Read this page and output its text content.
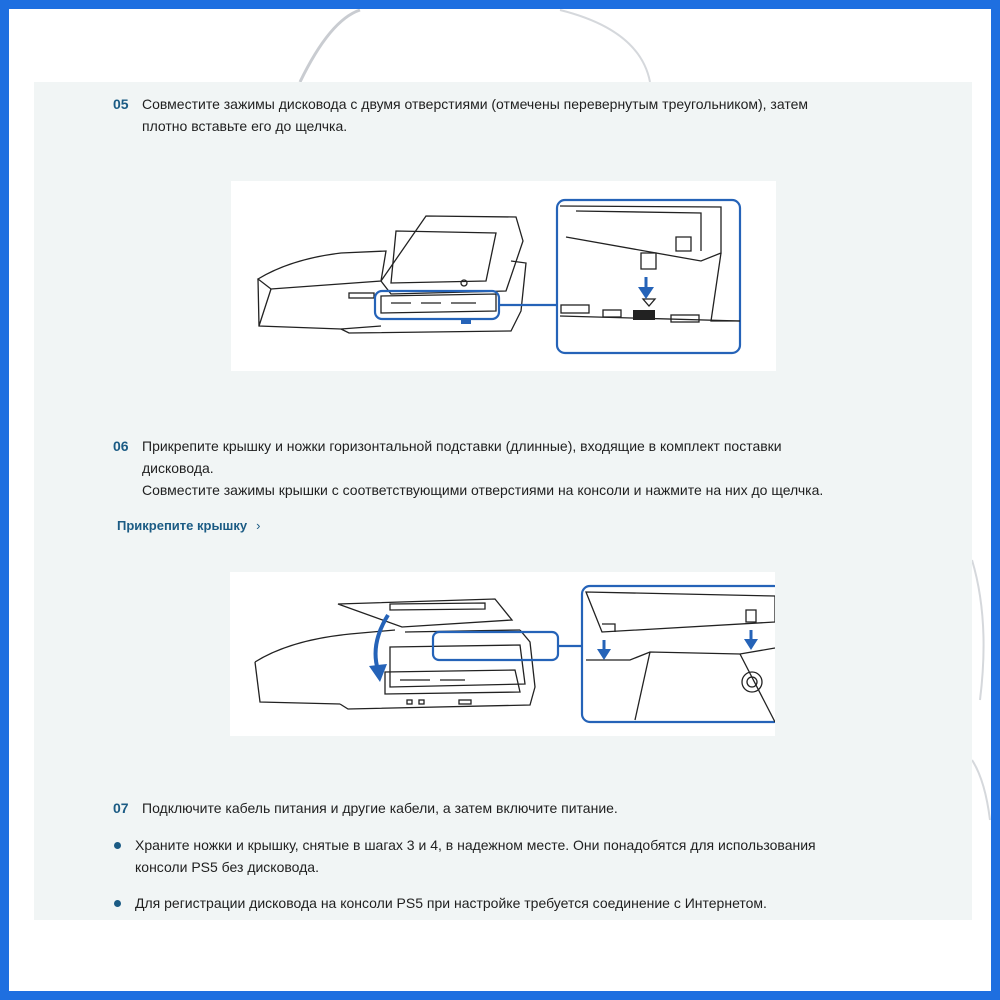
05 Совместите зажимы дисковода с двумя отверстиями (отмечены перевернутым треугольником), затем

плотно вставьте его до щелчка.

06 Прикрепите крышку и ножки горизонтальной подставки (длинные), входящие в комплект поставки

дисковода.

Совместите зажимы крышки с соответствующими отверстиями на консоли и нажмите на них до щелчка.

Прикрепите крышку ›
07 Подключите кабель питания и другие кабели, а затем включите питание.

Храните ножки и крышку, снятые в шагах 3 и 4, в надежном месте. Они понадобятся для использования
консоли PS5 без дисковода.
Для регистрации дисковода на консоли PS5 при настройке требуется соединение с Интернетом.
